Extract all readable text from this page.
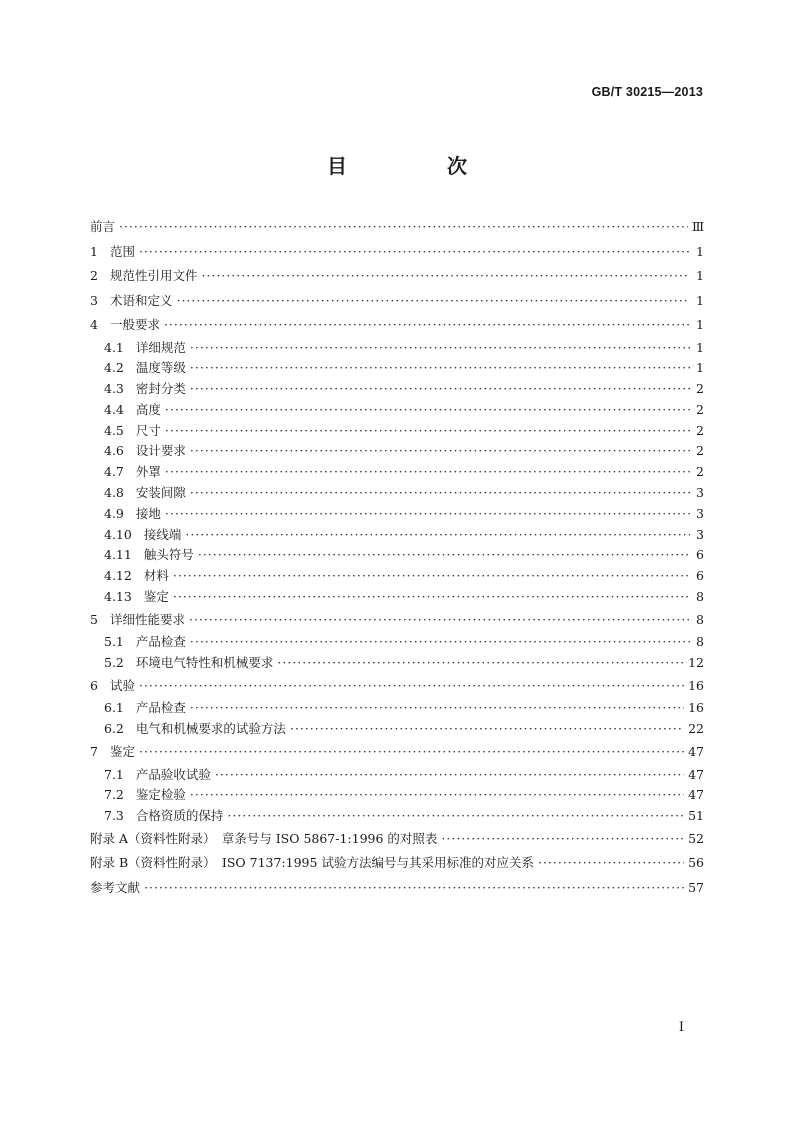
GB/T 30215—2013
目　次
前言 ·····	Ⅲ
1 范围 ·····	1
2 规范性引用文件 ·····	1
3 术语和定义 ·····	1
4 一般要求 ·····	1
4.1 详细规范 ·····	1
4.2 温度等级 ·····	1
4.3 密封分类 ·····	2
4.4 高度 ·····	2
4.5 尺寸 ·····	2
4.6 设计要求 ·····	2
4.7 外罩 ·····	2
4.8 安装间隙 ·····	3
4.9 接地 ·····	3
4.10 接线端 ·····	3
4.11 触头符号 ·····	6
4.12 材料 ·····	6
4.13 鉴定 ·····	8
5 详细性能要求 ·····	8
5.1 产品检查 ·····	8
5.2 环境电气特性和机械要求 ·····	12
6 试验 ·····	16
6.1 产品检查 ·····	16
6.2 电气和机械要求的试验方法 ·····	22
7 鉴定 ·····	47
7.1 产品验收试验 ·····	47
7.2 鉴定检验 ·····	47
7.3 合格资质的保持 ·····	51
附录 A（资料性附录）　章条号与 ISO 5867-1:1996 的对照表 ·····	52
附录 B（资料性附录）　ISO 7137:1995 试验方法编号与其采用标准的对应关系 ·····	56
参考文献 ·····	57
Ⅰ
